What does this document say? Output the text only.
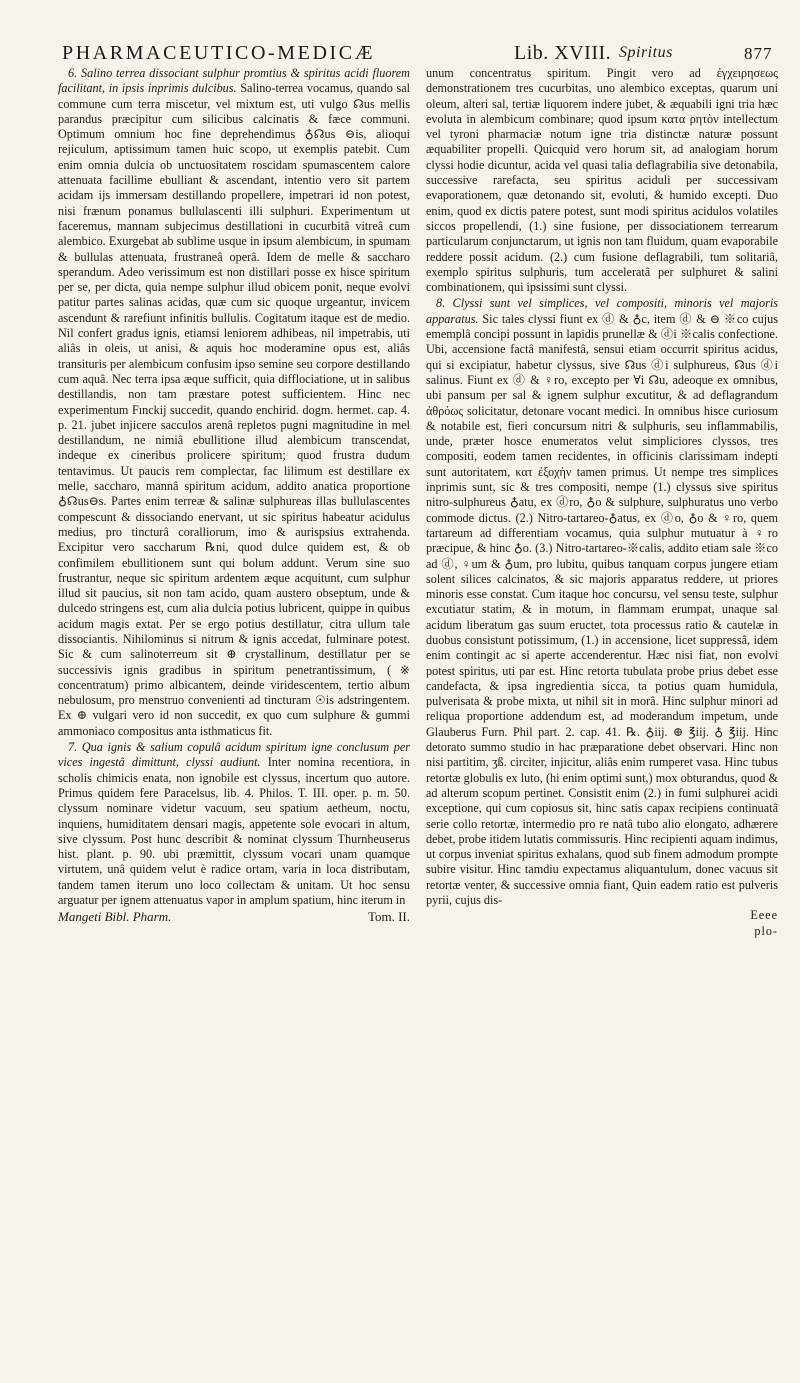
PHARMACEUTICO-MEDICÆ	Lib. XVIII. Spiritus	877

6. Salino terrea dissociant sulphur promtius & spiritus acidi fluorem facilitant, in ipsis inprimis dulcibus. Salino-terrea vocamus, quando sal commune cum terra miscetur, vel mixtum est, uti vulgo ☊us mellis parandus præcipitur cum silicibus calcinatis & fæce communi. Optimum omnium hoc fine deprehendimus ♁☊us ⊖is, alioqui rejiculum, aptissimum tamen huic scopo, ut exemplis patebit. Cum enim omnia dulcia ob unctuositatem roscidam spumascentem calore attenuata facillime ebulliant & ascendant, intentio vero sit partem acidam ijs immersam destillando propellere, impetrari id non potest, nisi frænum ponamus bullulascenti illi sulphuri. Experimentum ut faceremus, mannam subjecimus destillationi in cucurbitâ vitreâ cum alembico. Exurgebat ab sublime usque in ipsum alembicum, in spumam & bullulas attenuata, frustraneâ operâ. Idem de melle & saccharo sperandum. Adeo verissimum est non distillari posse ex hisce spiritum per se, per dicta, quia nempe sulphur illud obicem ponit, neque evolvi patitur partes salinas acidas, quæ cum sic quoque urgeantur, invicem ascendunt & rarefiunt infinitis bullulis. Cogitatum itaque est de medio. Nil confert gradus ignis, etiamsi leniorem adhibeas, nil impetrabis, uti aliâs in oleis, ut anisi, & aquis hoc moderamine opus est, aliâs transituris per alembicum confusim ipso semine seu corpore destillando cum aquâ. Nec terra ipsa æque sufficit, quia difflociatione, ut in salibus destillandis, non tam præstare potest sufficientem. Hinc nec experimentum Fınckij succedit, quando enchirid. dogm. hermet. cap. 4. p. 21. jubet injicere sacculos arenâ repletos pugni magnitudine in mel destillandum, ne nimiâ ebullitione illud alembicum transcendat, indeque ex cineribus prolicere spiritum; quod frustra dudum tentavimus. Ut paucis rem complectar, fac lilimum est destillare ex melle, saccharo, mannâ spiritum acidum, addito anatica proportione ♁☊us⊖s. Partes enim terreæ & salinæ sulphureas illas bullulascentes compescunt & dissociando enervant, ut sic spiritus habeatur acidulus medius, pro tincturâ coralliorum, imo & aurispsius extrahenda. Excipitur vero saccharum ℞ni, quod dulce quidem est, & ob confimilem ebullitionem sunt qui bolum addunt. Verum sine suo frustrantur, neque sic spiritum ardentem æque acquitunt, cum sulphur illud sit paucius, sit non tam acido, quam austero obseptum, unde & dulcedo stringens est, cum alia dulcia potius lubricent, quippe in quibus acidum magis extat. Per se ergo potius destillatur, citra ullum tale dissociantis. Nihilominus si nitrum & ignis accedat, fulminare potest. Sic & cum salinoterreum sit ⊕ crystallinum, destillatur per se successivis ignis gradibus in spiritum penetrantissimum, (※ concentratum) primo albicantem, deinde viridescentem, tertio album nebulosum, pro menstruo convenienti ad tincturam ☉is adstringentem. Ex ⊕ vulgari vero id non succedit, ex quo cum sulphure & gummi ammoniaco compositus anta isthmaticus fit.

7. Qua ignis & salium copulâ acidum spiritum igne conclusum per vices ingestâ dimittunt, clyssi audiunt. Inter nomina recentiora, in scholis chimicis enata, non ignobile est clyssus, incertum quo autore. Primus quidem fere Paracelsus, lib. 4. Philos. T. III. oper. p. m. 50. clyssum nominare videtur vacuum, seu spatium aetheum, noctu, inquiens, humiditatem densari magis, appetente sole evocari in altum, sive clyssum. Post hunc describit & nominat clyssum Thurnheuserus hist. plant. p. 90. ubi præmittit, clyssum vocari unam quamque virtutem, unâ quidem velut è radice ortam, varia in loca distributam, tandem tamen iterum uno loco collectam & unitam. Ut hoc sensu arguatur per ignem attenuatus vapor in amplum spatium, hinc iterum in

Mangeti Bibl. Pharm.	Tom. II.

unum concentratus spiritum. Pingit vero ad ἐγχειρησεως demonstrationem tres cucurbitas, uno alembico exceptas, quarum uni oleum, alteri sal, tertiæ liquorem indere jubet, & æquabili igni tria hæc evoluta in alembicum combinare; quod ipsum κατα ρητὸν intellectum vel tyroni pharmaciæ notum igne tria distinctæ naturæ possunt æquabiliter propelli. Quicquid vero horum sit, ad analogiam horum clyssi hodie dicuntur, acida vel quasi talia deflagrabilia sive detonabila, successive rarefacta, seu spiritus aciduli per successivam evaporationem, quæ detonando sit, evoluti, & humido excepti. Duo enim, quod ex dictis patere potest, sunt modi spiritus acidulos volatiles siccos propellendi, (1.) sine fusione, per dissociationem terrearum particularum conjunctarum, ut ignis non tam fluidum, quam evaporabile reddere possit acidum. (2.) cum fusione deflagrabili, tum solitariâ, exemplo spiritus sulphuris, tum acceleratâ per sulphuret & salini combinationem, qui ipsissimi sunt clyssi.

8. Clyssi sunt vel simplices, vel compositi, minoris vel majoris apparatus. Sic tales clyssi fiunt ex ⓓ & ♁c, item ⓓ & ⊖ ※co cujus ememplâ concipi possunt in lapidis prunellæ & ⓓi ※calis confectione. Ubi, accensione factâ manifestâ, sensui etiam occurrit spiritus acidus, qui si excipiatur, habetur clyssus, sive ☊us ⓓi sulphureus, ☊us ⓓi salinus. Fiunt ex ⓓ & ♀ro, excepto per ∀i ☊u, adeoque ex omnibus, ubi pansum per sal & ignem sulphur excutitur, & ad deflagrandum ἀθρόως solicitatur, detonare vocant medici. In omnibus hisce curiosum & notabile est, fieri concursum nitri & sulphuris, seu inflammabilis, unde, præter hosce enumeratos velut simpliciores clyssos, tres compositi, eodem tamen recidentes, in officinis clarissimam indepti sunt autoritatem, κατ ἐξοχὴν tamen primus. Ut nempe tres simplices inprimis sunt, sic & tres compositi, nempe (1.) clyssus sive spiritus nitro-sulphureus ♁atu, ex ⓓro, ♁o & sulphure, sulphuratus uno verbo commode dictus. (2.) Nitro-tartareo-♁atus, ex ⓓo, ♁o & ♀ro, quem tartareum ad differentiam vocamus, quia sulphur mutuatur à ♀ro præcipue, & hinc ♁o. (3.) Nitro-tartareo-※calis, addito etiam sale ※co ad ⓓ, ♀um & ♁um, pro lubitu, quibus tanquam corpus jungere etiam solent silices calcinatos, & sic majoris apparatus reddere, ut priores minoris esse constat. Cum itaque hoc concursu, vel sensu teste, sulphur excutiatur statim, & in motum, in flammam erumpat, unaque sal acidum liberatum gas suum eructet, tota processus ratio & cautelæ in duobus consistunt potissimum, (1.) in accensione, licet suppressâ, idem enim contingit ac si aperte accenderentur. Hæc nisi fiat, non evolvi potest spiritus, uti par est. Hinc retorta tubulata probe prius debet esse candefacta, & ipsa ingredientia sicca, ta potius quam humidula, pulverisata & probe mixta, ut nihil sit in morâ. Hinc sulphur minori ad reliqua proportione addendum est, ad moderandum impetum, unde Glauberus Furn. Phil part. 2. cap. 41. ℞. ♁iij. ⊕ ℥iij. ♁ ℥iij. Hinc detorato summo studio in hac præparatione debet observari. Hinc non nisi partitim, ʒß. circiter, injicitur, aliâs enim rumperet vasa. Hinc tubus retortæ globulis ex luto, (hi enim optimi sunt,) mox obturandus, quod & ad alterum scopum pertinet. Consistit enim (2.) in fumi sulphurei acidi exceptione, qui cum copiosus sit, hinc satis capax recipiens continuatâ serie collo retortæ, intermedio pro re natâ tubo alio elongato, adhærere debet, probe itidem lutatis commissuris. Hinc recipienti aquam indimus, ut corpus inveniat spiritus exhalans, quod sub finem admodum prompte subire visitur. Hinc tamdiu expectamus aliquantulum, donec vacuus sit retortæ venter, & successive omnia fiant, Quin eadem ratio est pulveris pyrii, cujus dis-

Eeee
plo-
